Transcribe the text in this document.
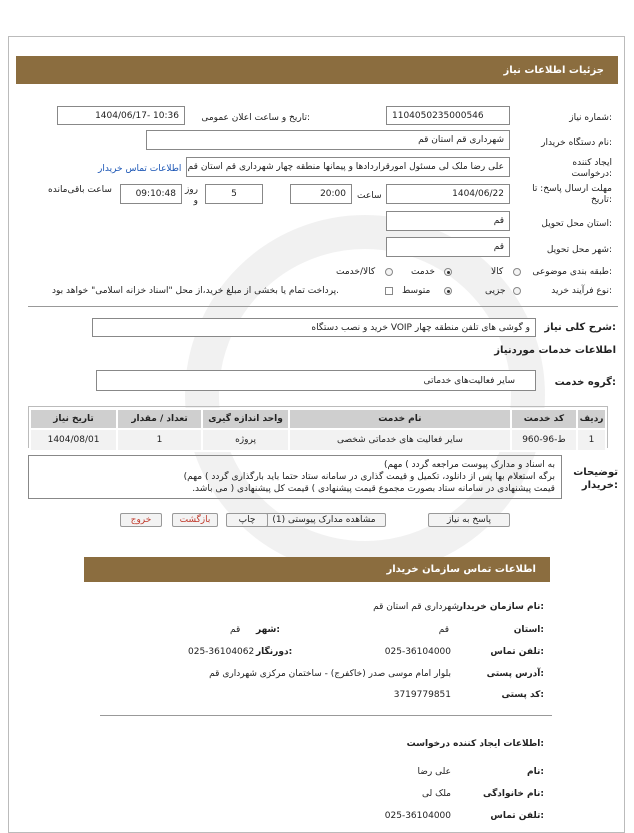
جزئیات اطلاعات نیاز
شماره نیاز:
1104050235000546
تاریخ و ساعت اعلان عمومی:
1404/06/17- 10:36
نام دستگاه خریدار:
شهرداری قم استان قم
ایجاد کننده درخواست:
علی رضا ملک لی مسئول امورقراردادها و پیمانها منطقه چهار شهرداری قم استان قم
اطلاعات تماس خریدار
مهلت ارسال پاسخ: تا تاریخ:
1404/06/22
ساعت
20:00
5
روز و
09:10:48
ساعت باقی‌مانده
استان محل تحویل:
قم
شهر محل تحویل:
قم
طبقه بندی موضوعی:
کالا
خدمت
کالا/خدمت
نوع فرآیند خرید:
جزیی
متوسط
پرداخت تمام یا بخشی از مبلغ خرید،از محل "اسناد خزانه اسلامی" خواهد بود.
شرح کلی نیاز:
خرید و نصب دستگاه VOIP و گوشی های تلفن منطقه چهار
اطلاعات خدمات موردنیاز
گروه خدمت:
سایر فعالیت‌های خدماتی
ردیف	کد خدمت	نام خدمت	واحد اندازه گیری	تعداد / مقدار	تاریخ نیاز
1	ط-96-960	سایر فعالیت های خدماتی شخصی	پروژه	1	1404/08/01
توضیحات خریدار:
به اسناد و مدارک پیوست مراجعه گردد ) مهم)
برگه استعلام بها پس از دانلود، تکمیل و قیمت گذاری در سامانه ستاد حتما باید بارگذاری گردد ) مهم)
قیمت پیشنهادی در سامانه ستاد بصورت مجموع قیمت پیشنهادی ) قیمت کل پیشنهادی ( می باشد.
پاسخ به نیاز
مشاهده مدارک پیوستی (1)
چاپ
بازگشت
خروج
اطلاعات تماس سازمان خریدار
نام سازمان خریدار:
شهرداری قم استان قم
استان:
قم
شهر:
قم
تلفن تماس:
025-36104000
دورنگار:
025-36104062
آدرس پستی:
بلوار امام موسی صدر (خاکفرج) - ساختمان مرکزی شهرداری قم
کد پستی:
3719779851
اطلاعات ایجاد کننده درخواست:
نام:
علی رضا
نام خانوادگی:
ملک لی
تلفن تماس:
025-36104000
